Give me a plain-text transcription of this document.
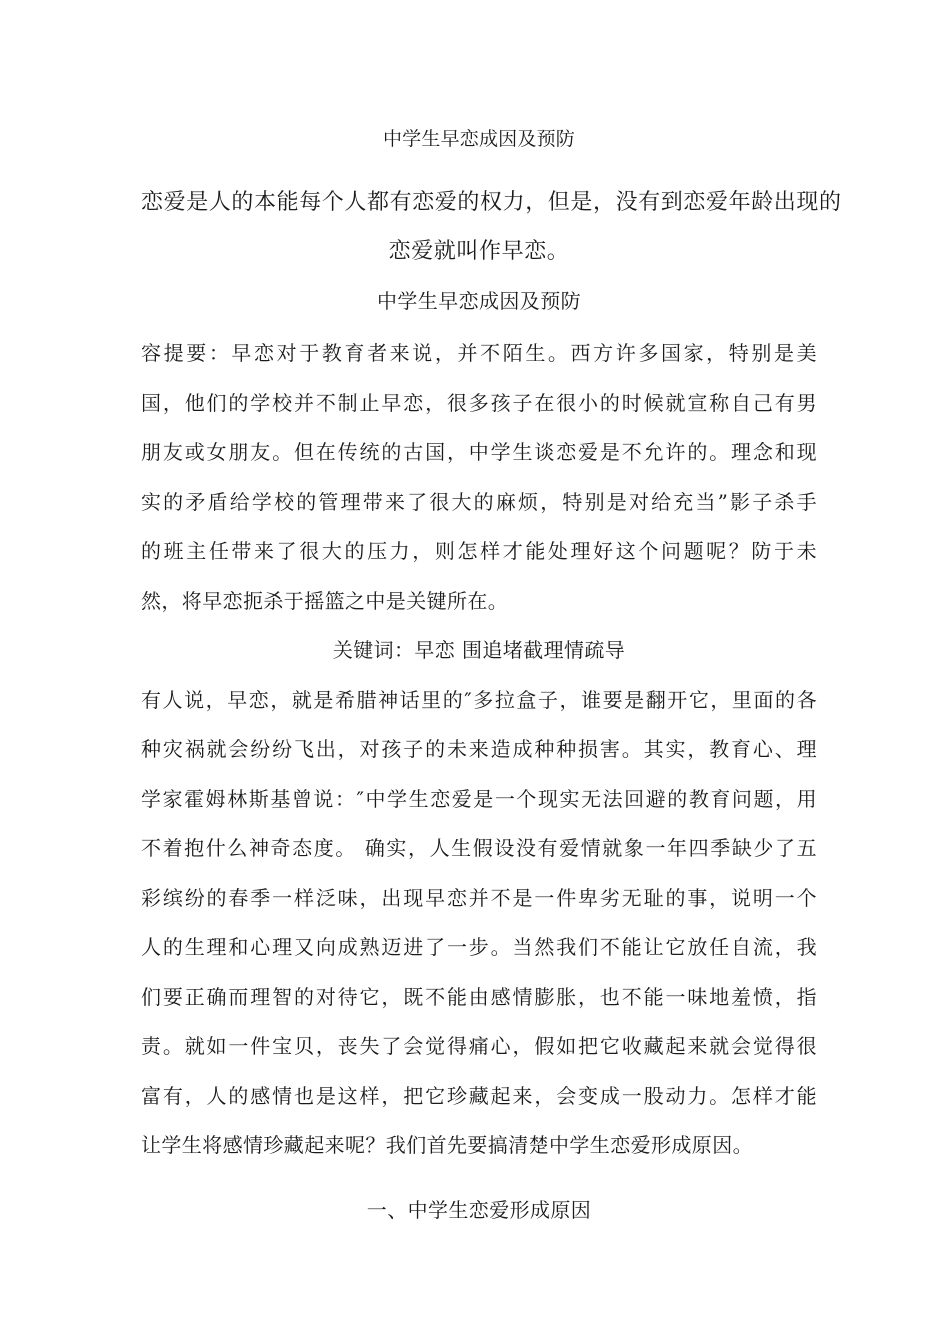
中学生早恋成因及预防
恋爱是人的本能每个人都有恋爱的权力，但是，没有到恋爱年龄出现的
恋爱就叫作早恋。
中学生早恋成因及预防
容提要：早恋对于教育者来说，并不陌生。西方许多国家，特别是美
国，他们的学校并不制止早恋，很多孩子在很小的时候就宣称自己有男
朋友或女朋友。但在传统的古国，中学生谈恋爱是不允许的。理念和现
实的矛盾给学校的管理带来了很大的麻烦，特别是对给充当”影子杀手
的班主任带来了很大的压力，则怎样才能处理好这个问题呢？防于未
然，将早恋扼杀于摇篮之中是关键所在。
关键词：早恋 围追堵截理情疏导
有人说，早恋，就是希腊神话里的″多拉盒子，谁要是翻开它，里面的各
种灾祸就会纷纷飞出，对孩子的未来造成种种损害。其实，教育心、理
学家霍姆林斯基曾说：″中学生恋爱是一个现实无法回避的教育问题，用
不着抱什么神奇态度。 确实，人生假设没有爱情就象一年四季缺少了五
彩缤纷的春季一样泛味，出现早恋并不是一件卑劣无耻的事，说明一个
人的生理和心理又向成熟迈进了一步。当然我们不能让它放任自流，我
们要正确而理智的对待它，既不能由感情膨胀，也不能一味地羞愤，指
责。就如一件宝贝，丧失了会觉得痛心，假如把它收藏起来就会觉得很
富有，人的感情也是这样，把它珍藏起来，会变成一股动力。怎样才能
让学生将感情珍藏起来呢？我们首先要搞清楚中学生恋爱形成原因。
一、中学生恋爱形成原因
